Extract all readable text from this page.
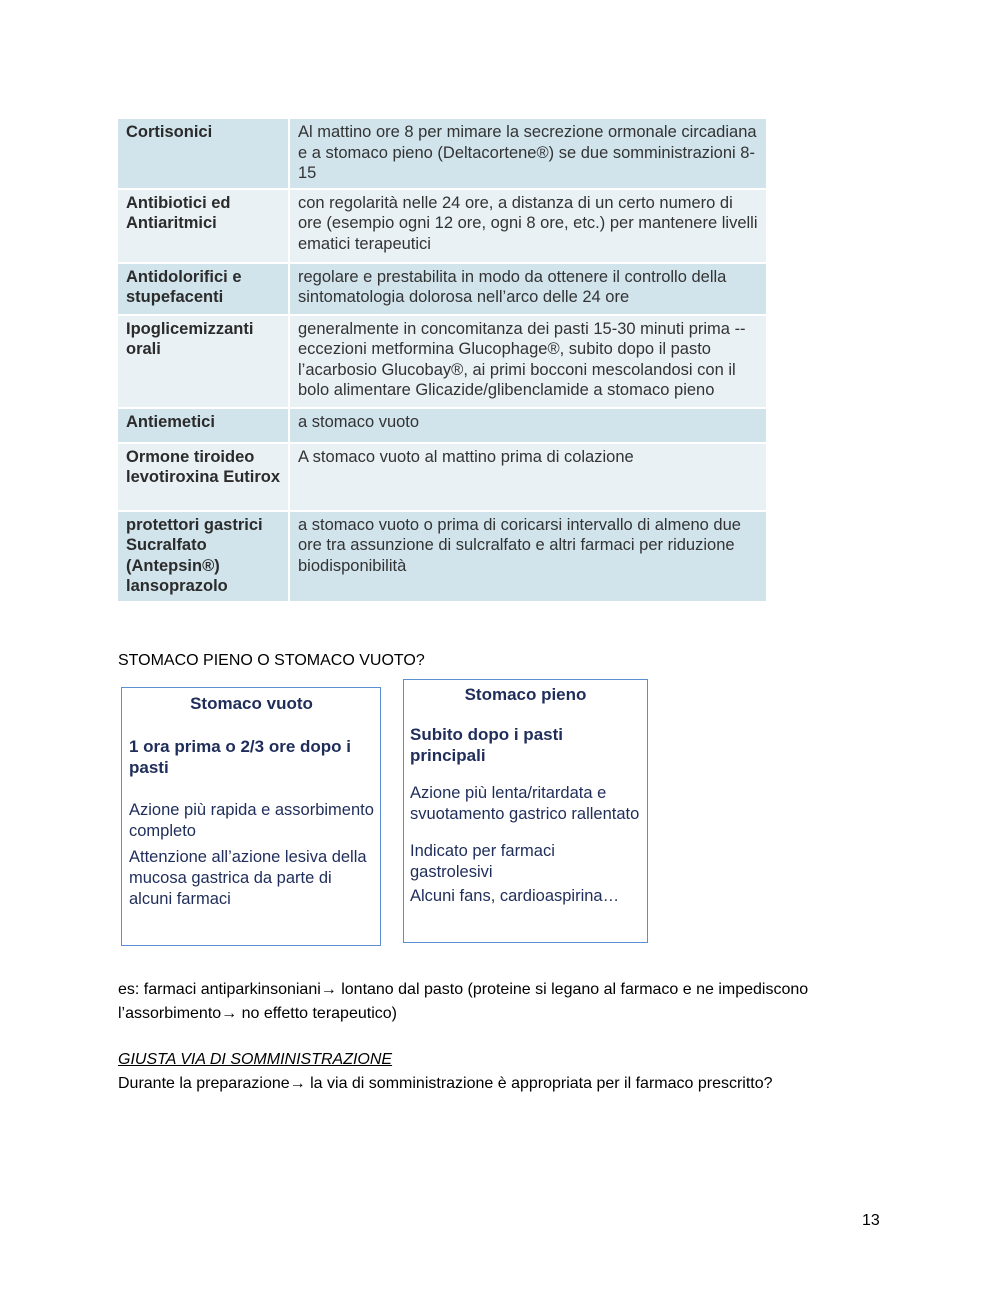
Cortisonici	Al mattino ore 8 per mimare la secrezione ormonale circadiana e a stomaco pieno (Deltacortene®) se due somministrazioni 8-15
Antibiotici ed Antiaritmici	con regolarità nelle 24 ore, a distanza di un certo numero di ore (esempio ogni 12 ore, ogni 8 ore, etc.) per mantenere livelli ematici terapeutici
Antidolorifici e stupefacenti	regolare e prestabilita in modo da ottenere il controllo della sintomatologia dolorosa nell’arco delle 24 ore
Ipoglicemizzanti orali	generalmente in concomitanza dei pasti 15-30 minuti prima -- eccezioni metformina Glucophage®, subito dopo il pasto l’acarbosio Glucobay®, ai primi bocconi mescolandosi con il bolo alimentare Glicazide/glibenclamide a stomaco pieno
Antiemetici	a stomaco vuoto
Ormone tiroideo levotiroxina Eutirox	A stomaco vuoto al mattino prima di colazione
protettori gastrici Sucralfato (Antepsin®) lansoprazolo	a stomaco vuoto o prima di coricarsi intervallo di almeno due ore tra assunzione di sulcralfato e altri farmaci per riduzione biodisponibilità
STOMACO PIENO O STOMACO VUOTO?
Stomaco vuoto
1 ora prima o 2/3 ore dopo i pasti
Azione più rapida e assorbimento completo
Attenzione all’azione lesiva della mucosa gastrica da parte di alcuni farmaci
Stomaco pieno
Subito dopo i pasti principali
Azione più lenta/ritardata e svuotamento gastrico rallentato
Indicato per farmaci gastrolesivi
Alcuni fans, cardioaspirina…
es: farmaci antiparkinsoniani→ lontano dal pasto (proteine si legano al farmaco e ne impediscono l’assorbimento→ no effetto terapeutico)
GIUSTA VIA DI SOMMINISTRAZIONE
Durante la preparazione→ la via di somministrazione è appropriata per il farmaco prescritto?
13
